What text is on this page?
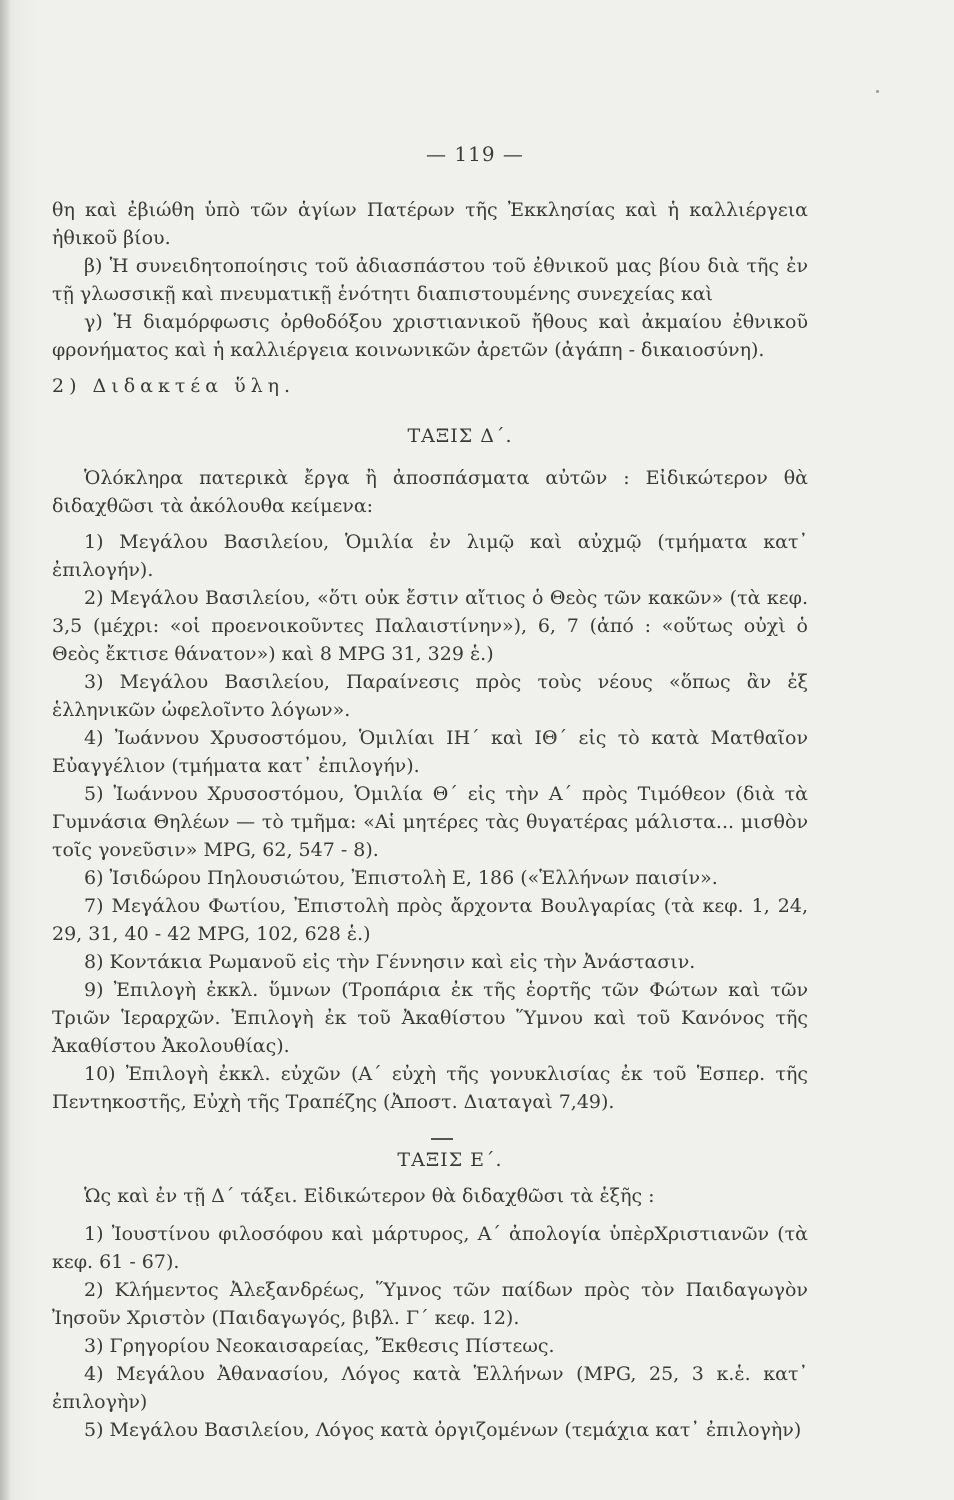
— 119 —

θη καὶ ἐβιώθη ὑπὸ τῶν ἁγίων Πατέρων τῆς Ἐκκλησίας καὶ ἡ καλλιέργεια ἠθικοῦ βίου.

β) Ἡ συνειδητοποίησις τοῦ ἀδιασπάστου τοῦ ἐθνικοῦ μας βίου διὰ τῆς ἐν τῇ γλωσσικῇ καὶ πνευματικῇ ἑνότητι διαπιστουμένης συνεχείας καὶ

γ) Ἡ διαμόρφωσις ὀρθοδόξου χριστιανικοῦ ἤθους καὶ ἀκμαίου ἐθνικοῦ φρονήματος καὶ ἡ καλλιέργεια κοινωνικῶν ἀρετῶν (ἀγάπη - δικαιοσύνη).

2) Διδακτέα ὕλη.

ΤΑΞΙΣ Δ΄.

Ὁλόκληρα πατερικὰ ἔργα ἢ ἀποσπάσματα αὐτῶν : Εἰδικώτερον θὰ διδαχθῶσι τὰ ἀκόλουθα κείμενα:

1) Μεγάλου Βασιλείου, Ὁμιλία ἐν λιμῷ καὶ αὐχμῷ (τμήματα κατ᾽ ἐπιλογήν).

2) Μεγάλου Βασιλείου, «ὅτι οὐκ ἔστιν αἴτιος ὁ Θεὸς τῶν κακῶν» (τὰ κεφ. 3,5 (μέχρι: «οἱ προενοικοῦντες Παλαιστίνην»), 6, 7 (ἀπό : «οὕτως οὐχὶ ὁ Θεὸς ἔκτισε θάνατον») καὶ 8 MPG 31, 329 ἑ.)

3) Μεγάλου Βασιλείου, Παραίνεσις πρὸς τοὺς νέους «ὅπως ἂν ἐξ ἑλληνικῶν ὠφελοῖντο λόγων».

4) Ἰωάννου Χρυσοστόμου, Ὁμιλίαι ΙΗ΄ καὶ ΙΘ΄ εἰς τὸ κατὰ Ματθαῖον Εὐαγγέλιον (τμήματα κατ᾽ ἐπιλογήν).

5) Ἰωάννου Χρυσοστόμου, Ὁμιλία Θ΄ εἰς τὴν Α΄ πρὸς Τιμόθεον (διὰ τὰ Γυμνάσια Θηλέων — τὸ τμῆμα: «Αἱ μητέρες τὰς θυγατέρας μάλιστα... μισθὸν τοῖς γονεῦσιν» MPG, 62, 547 - 8).

6) Ἰσιδώρου Πηλουσιώτου, Ἐπιστολὴ Ε, 186 («Ἑλλήνων παισίν».

7) Μεγάλου Φωτίου, Ἐπιστολὴ πρὸς ἄρχοντα Βουλγαρίας (τὰ κεφ. 1, 24, 29, 31, 40 - 42 MPG, 102, 628 ἑ.)

8) Κοντάκια Ρωμανοῦ εἰς τὴν Γέννησιν καὶ εἰς τὴν Ἀνάστασιν.

9) Ἐπιλογὴ ἐκκλ. ὕμνων (Τροπάρια ἐκ τῆς ἑορτῆς τῶν Φώτων καὶ τῶν Τριῶν Ἱεραρχῶν. Ἐπιλογὴ ἐκ τοῦ Ἀκαθίστου Ὕμνου καὶ τοῦ Κανόνος τῆς Ἀκαθίστου Ἀκολουθίας).

10) Ἐπιλογὴ ἐκκλ. εὐχῶν (Α΄ εὐχὴ τῆς γονυκλισίας ἐκ τοῦ Ἑσπερ. τῆς Πεντηκοστῆς, Εὐχὴ τῆς Τραπέζης (Ἀποστ. Διαταγαὶ 7,49).

ΤΑΞΙΣ Ε΄.

Ὡς καὶ ἐν τῇ Δ΄ τάξει. Εἰδικώτερον θὰ διδαχθῶσι τὰ ἑξῆς :

1) Ἰουστίνου φιλοσόφου καὶ μάρτυρος, Α΄ ἀπολογία ὑπὲρΧριστιανῶν (τὰ κεφ. 61 - 67).

2) Κλήμεντος Ἀλεξανδρέως, Ὕμνος τῶν παίδων πρὸς τὸν Παιδαγωγὸν Ἰησοῦν Χριστὸν (Παιδαγωγός, βιβλ. Γ΄ κεφ. 12).

3) Γρηγορίου Νεοκαισαρείας, Ἔκθεσις Πίστεως.

4) Μεγάλου Ἀθανασίου, Λόγος κατὰ Ἑλλήνων (MPG, 25, 3 κ.ἑ. κατ᾽ ἐπιλογὴν)

5) Μεγάλου Βασιλείου, Λόγος κατὰ ὀργιζομένων (τεμάχια κατ᾽ ἐπιλογὴν)
